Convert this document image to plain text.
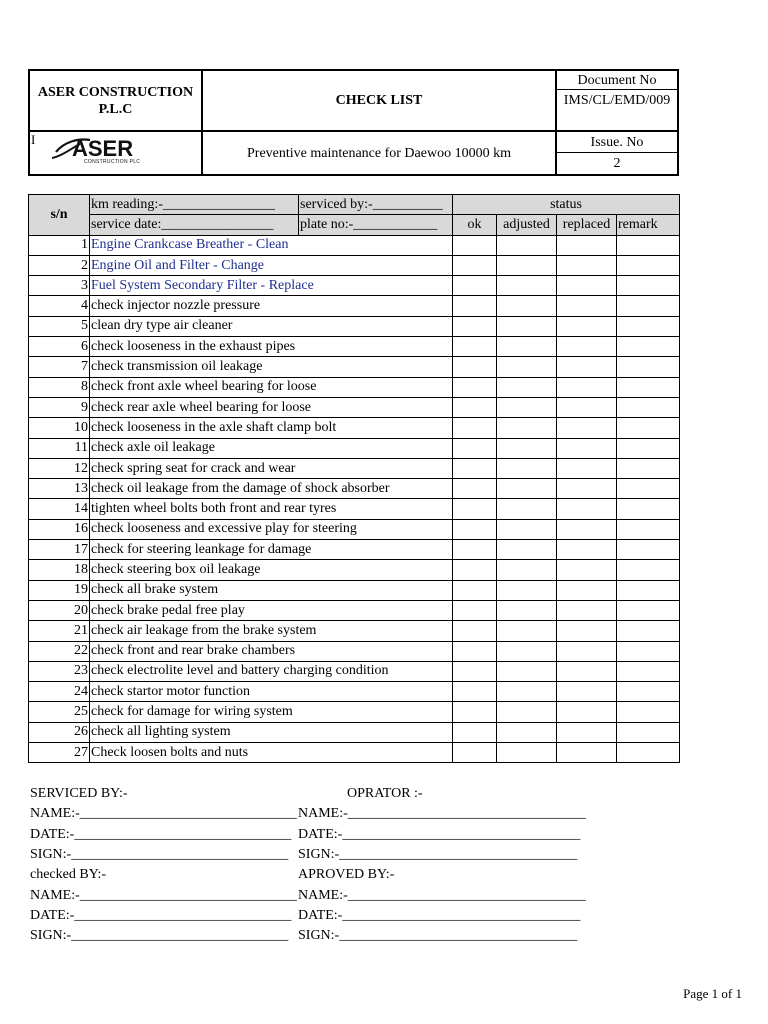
ASER CONSTRUCTION
P.L.C
CHECK LIST
Document No
IMS/CL/EMD/009
I ASER
CONSTRUCTION PLC
Preventive maintenance for Daewoo 10000 km
Issue. No
2
s/n	km reading:-________________	serviced by:-__________	status			
	service date:________________	plate no:-____________	ok	adjusted	replaced	remark
1	Engine Crankcase Breather - Clean					
2	Engine Oil and Filter - Change					
3	Fuel System Secondary Filter - Replace					
4	check injector nozzle pressure					
5	clean dry type air cleaner					
6	check looseness in the exhaust pipes					
7	check transmission oil leakage					
8	check front axle wheel bearing for loose					
9	check rear axle wheel bearing for loose					
10	check looseness in the axle shaft clamp bolt					
11	check axle oil leakage					
12	check spring seat for crack and wear					
13	check oil leakage from the damage of shock absorber					
14	tighten wheel bolts both front and rear tyres					
16	check looseness and excessive play for steering					
17	check for steering leankage for damage					
18	check steering box oil leakage					
19	check all brake system					
20	check brake pedal free play					
21	check air leakage from the brake system					
22	check front and rear brake chambers					
23	check electrolite level and battery charging condition					
24	check startor motor function					
25	check for damage for wiring system					
26	check all lighting system					
27	Check loosen bolts and nuts					
SERVICED BY:-	OPRATOR :-
NAME:-_______________________________ NAME:-__________________________________
DATE:-_______________________________ DATE:-__________________________________
SIGN:-_______________________________ SIGN:-__________________________________
checked BY:-	APROVED BY:-
NAME:-_______________________________ NAME:-__________________________________
DATE:-_______________________________ DATE:-__________________________________
SIGN:-_______________________________ SIGN:-__________________________________
Page 1 of 1
